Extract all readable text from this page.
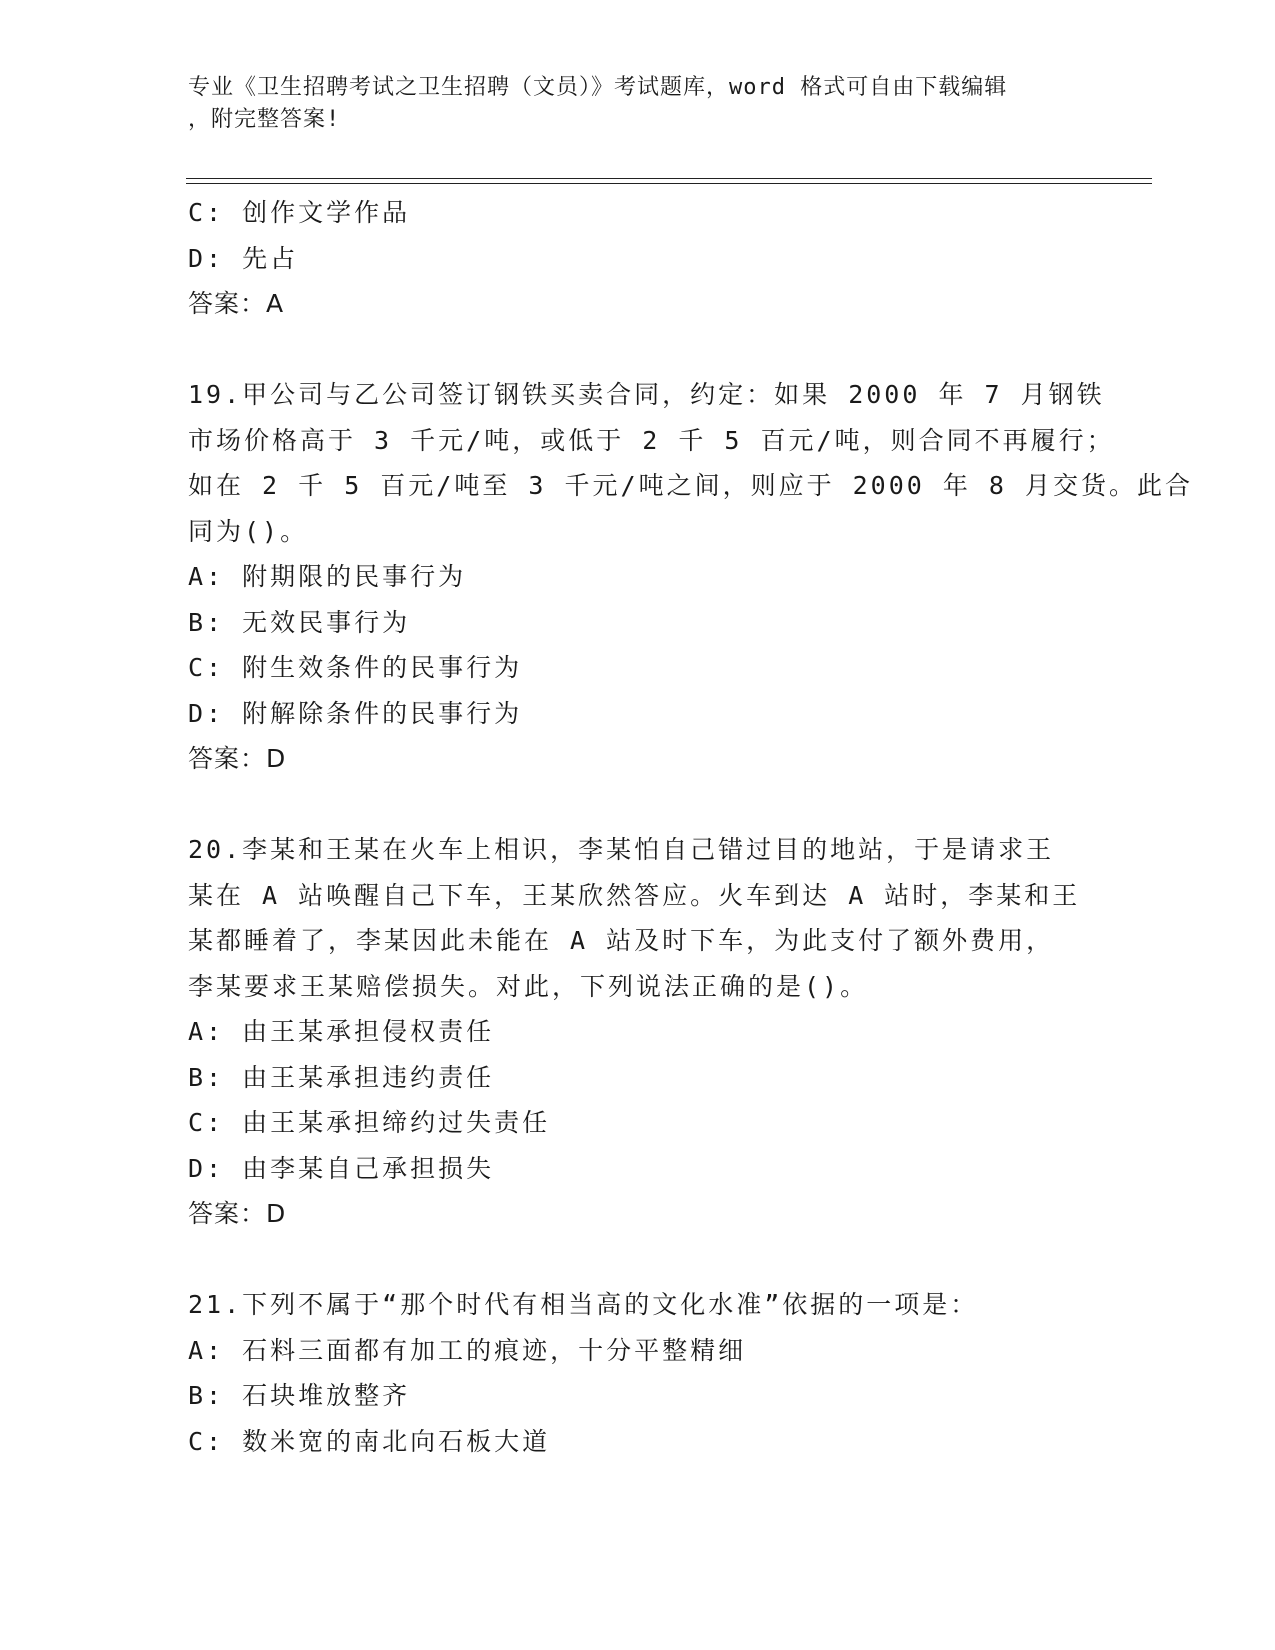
专业《卫生招聘考试之卫生招聘（文员）》考试题库，word 格式可自由下载编辑
，附完整答案!
C: 创作文学作品
D: 先占
答案：A
19.甲公司与乙公司签订钢铁买卖合同，约定：如果 2000 年 7 月钢铁
市场价格高于 3 千元/吨，或低于 2 千 5 百元/吨，则合同不再履行；
如在 2 千 5 百元/吨至 3 千元/吨之间，则应于 2000 年 8 月交货。此合
同为()。
A: 附期限的民事行为
B: 无效民事行为
C: 附生效条件的民事行为
D: 附解除条件的民事行为
答案：D
20.李某和王某在火车上相识，李某怕自己错过目的地站，于是请求王
某在 A 站唤醒自己下车，王某欣然答应。火车到达 A 站时，李某和王
某都睡着了，李某因此未能在 A 站及时下车，为此支付了额外费用，
李某要求王某赔偿损失。对此，下列说法正确的是()。
A: 由王某承担侵权责任
B: 由王某承担违约责任
C: 由王某承担缔约过失责任
D: 由李某自己承担损失
答案：D
21.下列不属于“那个时代有相当高的文化水准”依据的一项是：
A: 石料三面都有加工的痕迹，十分平整精细
B: 石块堆放整齐
C: 数米宽的南北向石板大道
